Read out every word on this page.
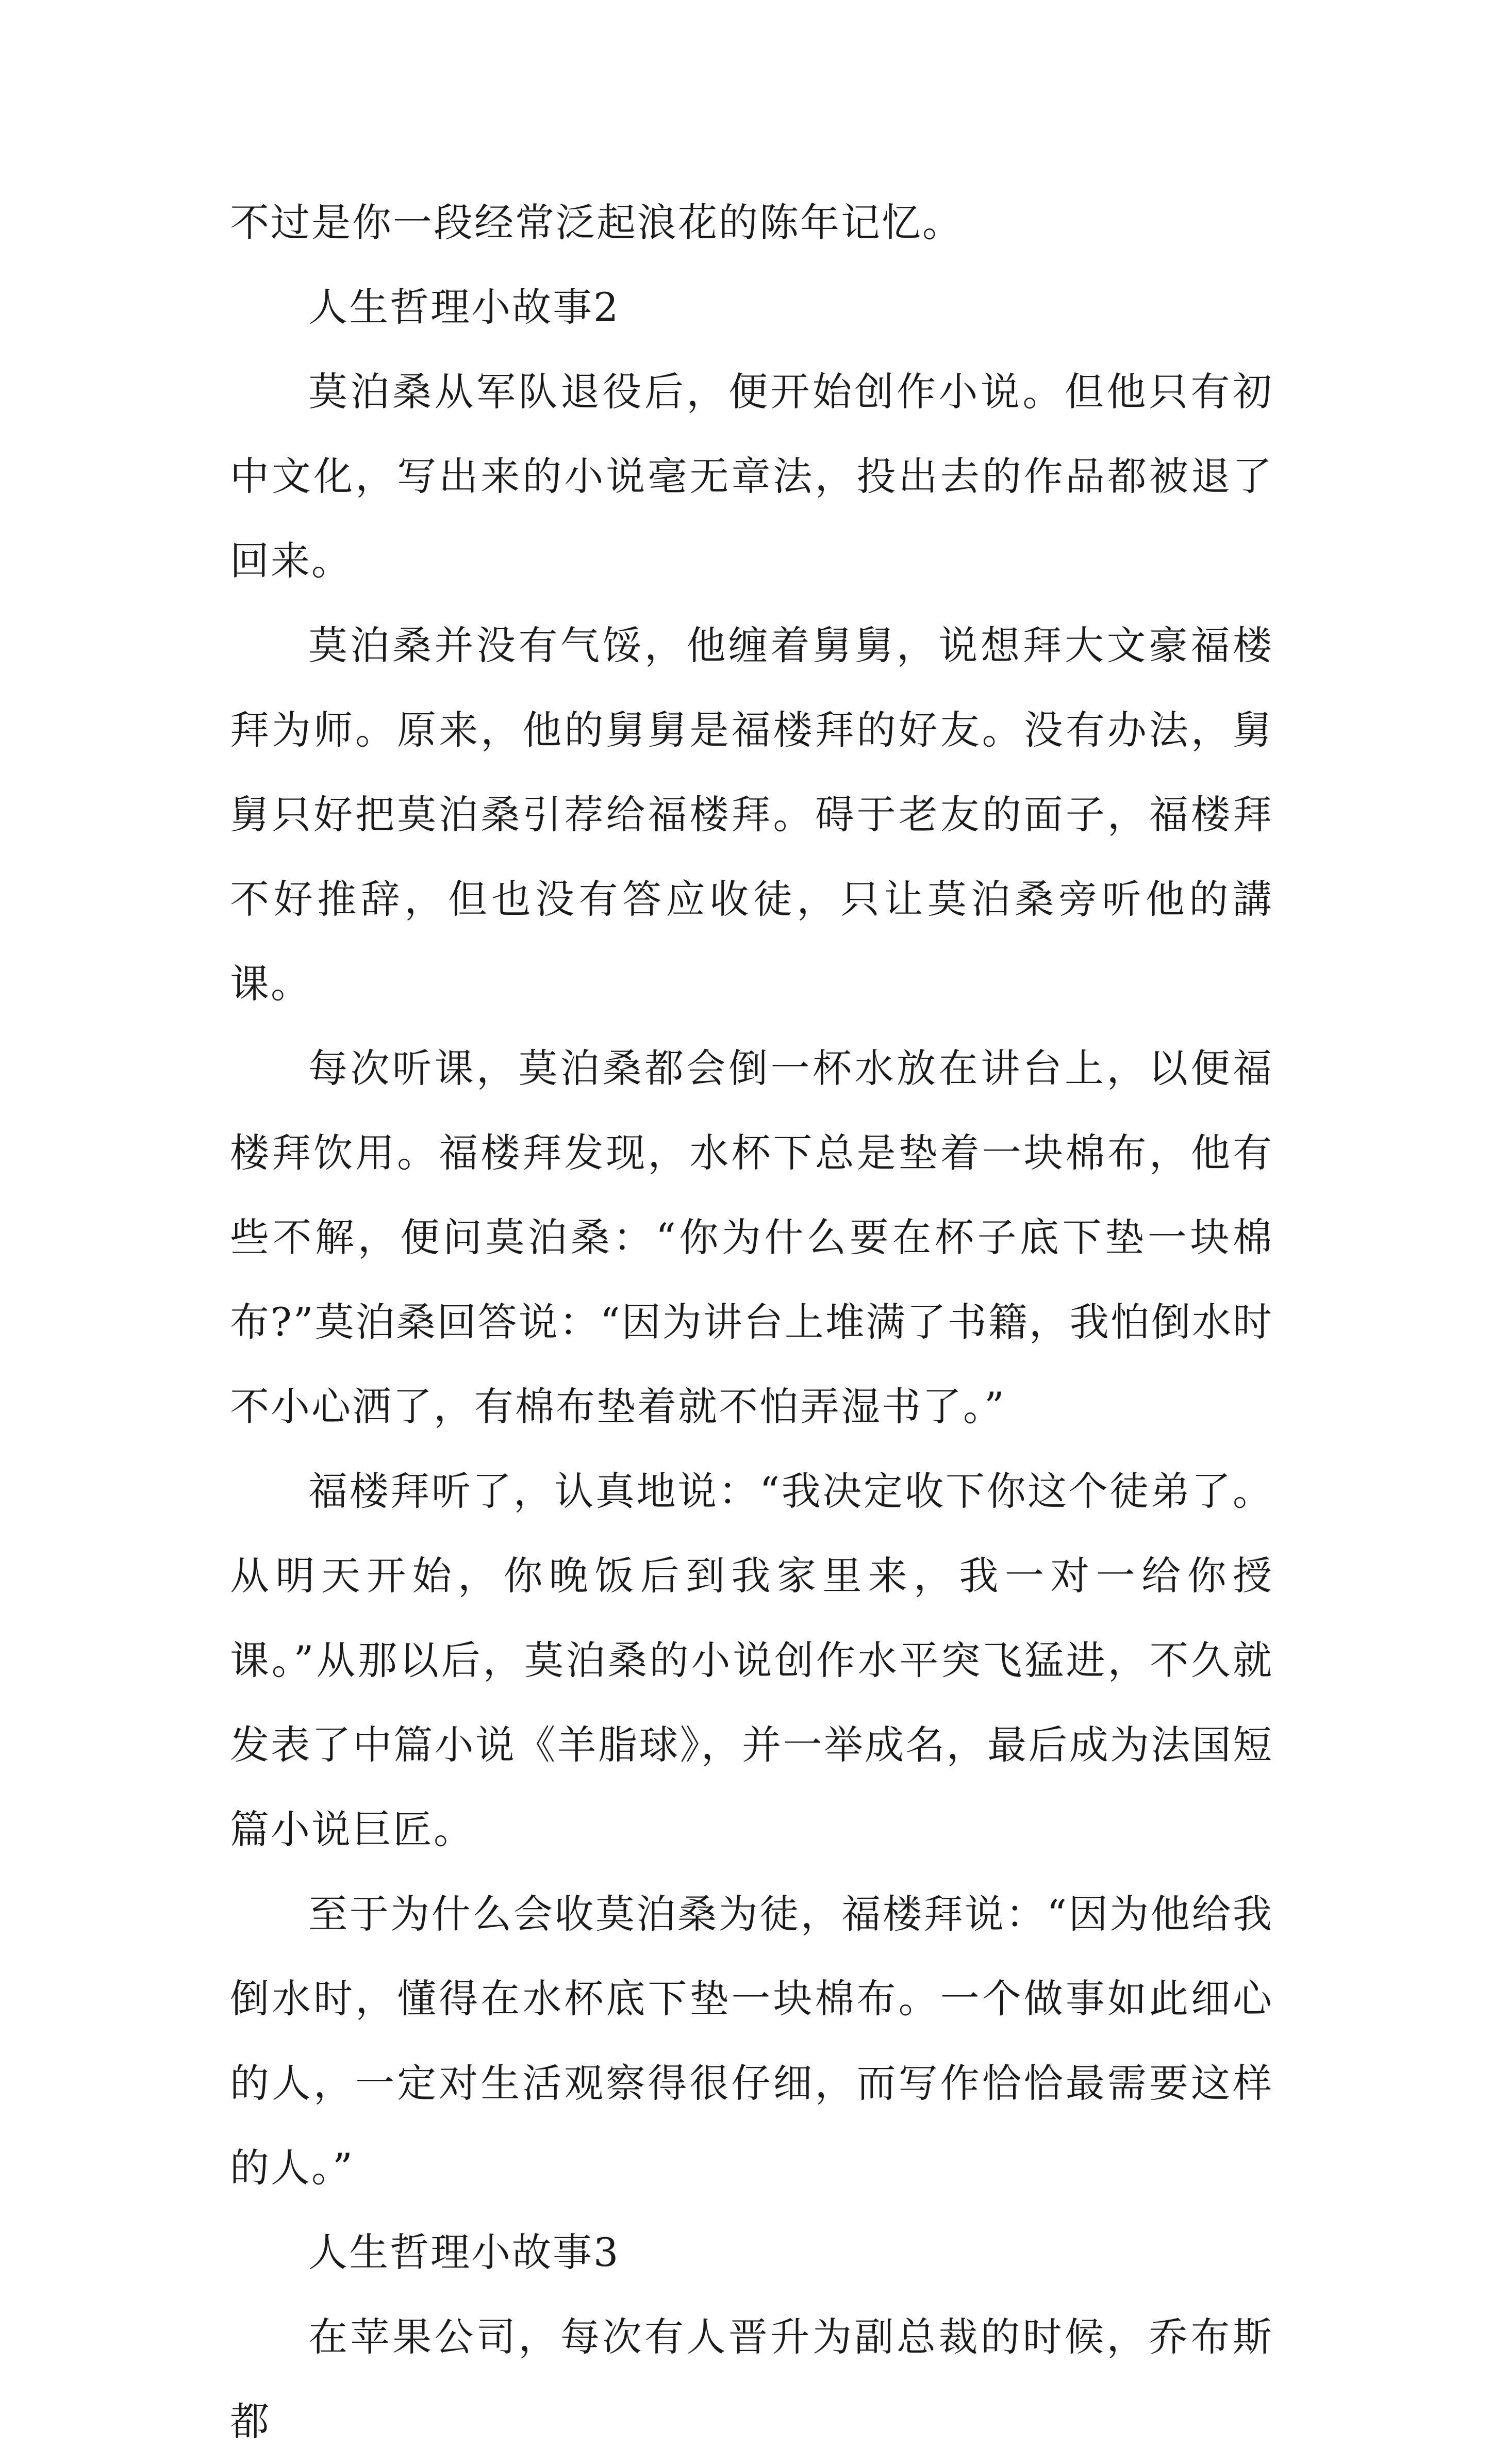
不过是你一段经常泛起浪花的陈年记忆。

人生哲理小故事2

莫泊桑从军队退役后，便开始创作小说。但他只有初中文化，写出来的小说毫无章法，投出去的作品都被退了回来。

莫泊桑并没有气馁，他缠着舅舅，说想拜大文豪福楼拜为师。原来，他的舅舅是福楼拜的好友。没有办法，舅舅只好把莫泊桑引荐给福楼拜。碍于老友的面子，福楼拜不好推辞，但也没有答应收徒，只让莫泊桑旁听他的講课。

每次听课，莫泊桑都会倒一杯水放在讲台上，以便福楼拜饮用。福楼拜发现，水杯下总是垫着一块棉布，他有些不解，便问莫泊桑：“你为什么要在杯子底下垫一块棉布?”莫泊桑回答说：“因为讲台上堆满了书籍，我怕倒水时不小心洒了，有棉布垫着就不怕弄湿书了。”

福楼拜听了，认真地说：“我决定收下你这个徒弟了。从明天开始，你晚饭后到我家里来，我一对一给你授课。”从那以后，莫泊桑的小说创作水平突飞猛进，不久就发表了中篇小说《羊脂球》，并一举成名，最后成为法国短篇小说巨匠。

至于为什么会收莫泊桑为徒，福楼拜说：“因为他给我倒水时，懂得在水杯底下垫一块棉布。一个做事如此细心的人，一定对生活观察得很仔细，而写作恰恰最需要这样的人。”

人生哲理小故事3

在苹果公司，每次有人晋升为副总裁的时候，乔布斯都
